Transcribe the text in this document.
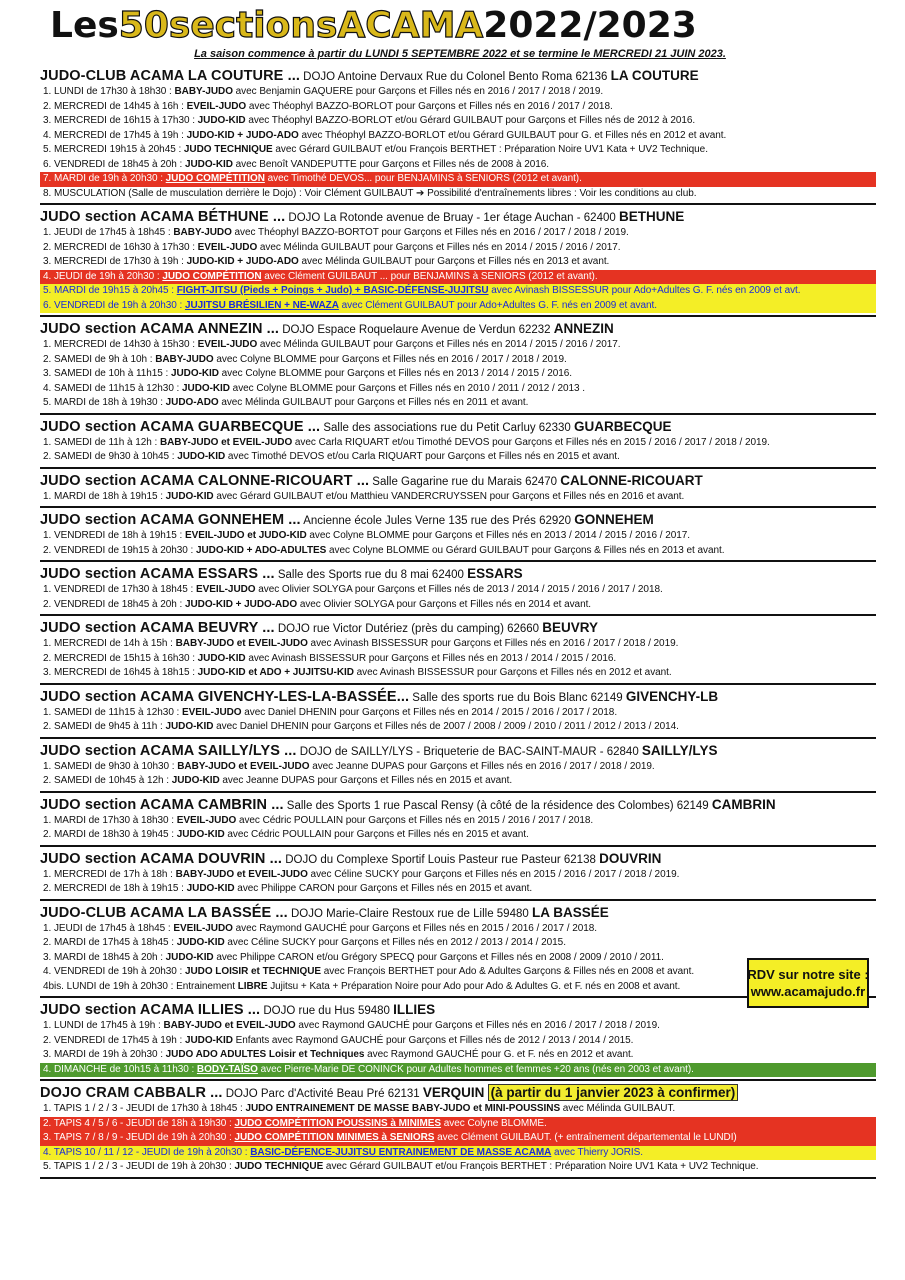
Les 50 sections ACAMA 2022/2023
La saison commence à partir du LUNDI 5 SEPTEMBRE 2022 et se termine le MERCREDI 21 JUIN 2023.
JUDO-CLUB ACAMA LA COUTURE ... DOJO Antoine Dervaux Rue du Colonel Bento Roma 62136 LA COUTURE
1. LUNDI de 17h30 à 18h30 : BABY-JUDO avec Benjamin GAQUERE pour Garçons et Filles nés en 2016 / 2017 / 2018 / 2019.
2. MERCREDI de 14h45 à 16h : EVEIL-JUDO avec Théophyl BAZZO-BORLOT pour Garçons et Filles nés en 2016 / 2017 / 2018.
3. MERCREDI de 16h15 à 17h30 : JUDO-KID avec Théophyl BAZZO-BORLOT et/ou Gérard GUILBAUT pour Garçons et Filles nés de 2012 à 2016.
4. MERCREDI de 17h45 à 19h : JUDO-KID + JUDO-ADO avec Théophyl BAZZO-BORLOT et/ou Gérard GUILBAUT pour G. et Filles nés en 2012 et avant.
5. MERCREDI 19h15 à 20h45 : JUDO TECHNIQUE avec Gérard GUILBAUT et/ou François BERTHET : Préparation Noire UV1 Kata + UV2 Technique.
6. VENDREDI de 18h45 à 20h : JUDO-KID avec Benoît VANDEPUTTE pour Garçons et Filles nés de 2008 à 2016.
7. MARDI de 19h à 20h30 : JUDO COMPÉTITION avec Timothé DEVOS... pour BENJAMINS à SENIORS (2012 et avant).
8. MUSCULATION (Salle de musculation derrière le Dojo) : Voir Clément GUILBAUT ➔ Possibilité d'entraînements libres : Voir les conditions au club.
JUDO section ACAMA BÉTHUNE ... DOJO La Rotonde avenue de Bruay - 1er étage Auchan - 62400 BETHUNE
1. JEUDI de 17h45 à 18h45 : BABY-JUDO avec Théophyl BAZZO-BORTOT pour Garçons et Filles nés en 2016 / 2017 / 2018 / 2019.
2. MERCREDI de 16h30 à 17h30 : EVEIL-JUDO avec Mélinda GUILBAUT pour Garçons et Filles nés en 2014 / 2015 / 2016 / 2017.
3. MERCREDI de 17h30 à 19h : JUDO-KID + JUDO-ADO avec Mélinda GUILBAUT pour Garçons et Filles nés en 2013 et avant.
4. JEUDI de 19h à 20h30 : JUDO COMPÉTITION avec Clément GUILBAUT ... pour BENJAMINS à SENIORS (2012 et avant).
5. MARDI de 19h15 à 20h45 : FIGHT-JITSU (Pieds + Poings + Judo) + BASIC-DÉFENSE-JUJITSU avec Avinash BISSESSUR pour Ado+Adultes G. F. nés en 2009 et avt.
6. VENDREDI de 19h à 20h30 : JUJITSU BRÉSILIEN + NE-WAZA avec Clément GUILBAUT pour Ado+Adultes G. F. nés en 2009 et avant.
JUDO section ACAMA ANNEZIN ... DOJO Espace Roquelaure Avenue de Verdun 62232 ANNEZIN
1. MERCREDI de 14h30 à 15h30 : EVEIL-JUDO avec Mélinda GUILBAUT pour Garçons et Filles nés en 2014 / 2015 / 2016 / 2017.
2. SAMEDI de 9h à 10h : BABY-JUDO avec Colyne BLOMME pour Garçons et Filles nés en 2016 / 2017 / 2018 / 2019.
3. SAMEDI de 10h à 11h15 : JUDO-KID avec Colyne BLOMME pour Garçons et Filles nés en 2013 / 2014 / 2015 / 2016.
4. SAMEDI de 11h15 à 12h30 : JUDO-KID avec Colyne BLOMME pour Garçons et Filles nés en 2010 / 2011 / 2012 / 2013 .
5. MARDI de 18h à 19h30 : JUDO-ADO avec Mélinda GUILBAUT pour Garçons et Filles nés en 2011 et avant.
JUDO section ACAMA GUARBECQUE ... Salle des associations rue du Petit Carluy 62330 GUARBECQUE
1. SAMEDI de 11h à 12h : BABY-JUDO et EVEIL-JUDO avec Carla RIQUART et/ou Timothé DEVOS pour Garçons et Filles nés en 2015 / 2016 / 2017 / 2018 / 2019.
2. SAMEDI de 9h30 à 10h45 : JUDO-KID avec Timothé DEVOS et/ou Carla RIQUART pour Garçons et Filles nés en 2015 et avant.
JUDO section ACAMA CALONNE-RICOUART ... Salle Gagarine rue du Marais 62470 CALONNE-RICOUART
1. MARDI de 18h à 19h15 : JUDO-KID avec Gérard GUILBAUT et/ou Matthieu VANDERCRUYSSEN pour Garçons et Filles nés en 2016 et avant.
JUDO section ACAMA GONNEHEM ... Ancienne école Jules Verne 135 rue des Prés 62920 GONNEHEM
1. VENDREDI de 18h à 19h15 : EVEIL-JUDO et JUDO-KID avec Colyne BLOMME pour Garçons et Filles nés en 2013 / 2014 / 2015 / 2016 / 2017.
2. VENDREDI de 19h15 à 20h30 : JUDO-KID + ADO-ADULTES avec Colyne BLOMME ou Gérard GUILBAUT pour Garçons & Filles nés en 2013 et avant.
JUDO section ACAMA ESSARS ... Salle des Sports rue du 8 mai 62400 ESSARS
1. VENDREDI de 17h30 à 18h45 : EVEIL-JUDO avec Olivier SOLYGA pour Garçons et Filles nés de 2013 / 2014 / 2015 / 2016 / 2017 / 2018.
2. VENDREDI de 18h45 à 20h : JUDO-KID + JUDO-ADO avec Olivier SOLYGA pour Garçons et Filles nés en 2014 et avant.
JUDO section ACAMA BEUVRY ... DOJO rue Victor Dutériez (près du camping) 62660 BEUVRY
1. MERCREDI de 14h à 15h : BABY-JUDO et EVEIL-JUDO avec Avinash BISSESSUR pour Garçons et Filles nés en 2016 / 2017 / 2018 / 2019.
2. MERCREDI de 15h15 à 16h30 : JUDO-KID avec Avinash BISSESSUR pour Garçons et Filles nés en 2013 / 2014 / 2015 / 2016.
3. MERCREDI de 16h45 à 18h15 : JUDO-KID et ADO + JUJITSU-KID avec Avinash BISSESSUR pour Garçons et Filles nés en 2012 et avant.
JUDO section ACAMA GIVENCHY-LES-LA-BASSÉE... Salle des sports rue du Bois Blanc 62149 GIVENCHY-LB
1. SAMEDI de 11h15 à 12h30 : EVEIL-JUDO avec Daniel DHENIN pour Garçons et Filles nés en 2014 / 2015 / 2016 / 2017 / 2018.
2. SAMEDI de 9h45 à 11h : JUDO-KID avec Daniel DHENIN pour Garçons et Filles nés de 2007 / 2008 / 2009 / 2010 / 2011 / 2012 / 2013 / 2014.
JUDO section ACAMA SAILLY/LYS ... DOJO de SAILLY/LYS - Briqueterie de BAC-SAINT-MAUR - 62840 SAILLY/LYS
1. SAMEDI de 9h30 à 10h30 : BABY-JUDO et EVEIL-JUDO avec Jeanne DUPAS pour Garçons et Filles nés en 2016 / 2017 / 2018 / 2019.
2. SAMEDI de 10h45 à 12h : JUDO-KID avec Jeanne DUPAS pour Garçons et Filles nés en 2015 et avant.
JUDO section ACAMA CAMBRIN ... Salle des Sports 1 rue Pascal Rensy (à côté de la résidence des Colombes) 62149 CAMBRIN
1. MARDI de 17h30 à 18h30 : EVEIL-JUDO avec Cédric POULLAIN pour Garçons et Filles nés en 2015 / 2016 / 2017 / 2018.
2. MARDI de 18h30 à 19h45 : JUDO-KID avec Cédric POULLAIN pour Garçons et Filles nés en 2015 et avant.
JUDO section ACAMA DOUVRIN ... DOJO du Complexe Sportif Louis Pasteur rue Pasteur 62138 DOUVRIN
1. MERCREDI de 17h à 18h : BABY-JUDO et EVEIL-JUDO avec Céline SUCKY pour Garçons et Filles nés en 2015 / 2016 / 2017 / 2018 / 2019.
2. MERCREDI de 18h à 19h15 : JUDO-KID avec Philippe CARON pour Garçons et Filles nés en 2015 et avant.
JUDO-CLUB ACAMA LA BASSÉE ... DOJO Marie-Claire Restoux rue de Lille 59480 LA BASSÉE
1. JEUDI de 17h45 à 18h45 : EVEIL-JUDO avec Raymond GAUCHÉ pour Garçons et Filles nés en 2015 / 2016 / 2017 / 2018.
2. MARDI de 17h45 à 18h45 : JUDO-KID avec Céline SUCKY pour Garçons et Filles nés en 2012 / 2013 / 2014 / 2015.
3. MARDI de 18h45 à 20h : JUDO-KID avec Philippe CARON et/ou Grégory SPECQ pour Garçons et Filles nés en 2008 / 2009 / 2010 / 2011.
4. VENDREDI de 19h à 20h30 : JUDO LOISIR et TECHNIQUE avec François BERTHET pour Ado & Adultes Garçons & Filles nés en 2008 et avant.
4bis. LUNDI de 19h à 20h30 : Entrainement LIBRE Jujitsu + Kata + Préparation Noire pour Ado pour Ado & Adultes G. et F. nés en 2008 et avant.
JUDO section ACAMA ILLIES ... DOJO rue du Hus 59480 ILLIES
1. LUNDI de 17h45 à 19h : BABY-JUDO et EVEIL-JUDO avec Raymond GAUCHÉ pour Garçons et Filles nés en 2016 / 2017 / 2018 / 2019.
2. VENDREDI de 17h45 à 19h : JUDO-KID Enfants avec Raymond GAUCHÉ pour Garçons et Filles nés de 2012 / 2013 / 2014 / 2015.
3. MARDI de 19h à 20h30 : JUDO ADO ADULTES Loisir et Techniques avec Raymond GAUCHÉ pour G. et F. nés en 2012 et avant.
4. DIMANCHE de 10h15 à 11h30 : BODY-TAÏSO avec Pierre-Marie DE CONINCK pour Adultes hommes et femmes +20 ans (nés en 2003 et avant).
DOJO CRAM CABBALR ... DOJO Parc d'Activité Beau Pré 62131 VERQUIN (à partir du 1 janvier 2023 à confirmer)
1. TAPIS 1 / 2 / 3 - JEUDI de 17h30 à 18h45 : JUDO ENTRAINEMENT DE MASSE BABY-JUDO et MINI-POUSSINS avec Mélinda GUILBAUT.
2. TAPIS 4 / 5 / 6 - JEUDI de 18h à 19h30 : JUDO COMPÉTITION POUSSINS à MINIMES avec Colyne BLOMME.
3. TAPIS 7 / 8 / 9 - JEUDI de 19h à 20h30 : JUDO COMPÉTITION MINIMES à SENIORS avec Clément GUILBAUT. (+ entraînement départemental le LUNDI)
4. TAPIS 10 / 11 / 12 - JEUDI de 19h à 20h30 : BASIC-DÉFENCE-JUJITSU ENTRAINEMENT DE MASSE ACAMA avec Thierry JORIS.
5. TAPIS 1 / 2 / 3 - JEUDI de 19h à 20h30 : JUDO TECHNIQUE avec Gérard GUILBAUT et/ou François BERTHET : Préparation Noire UV1 Kata + UV2 Technique.
RDV sur notre site :
www.acamajudo.fr
